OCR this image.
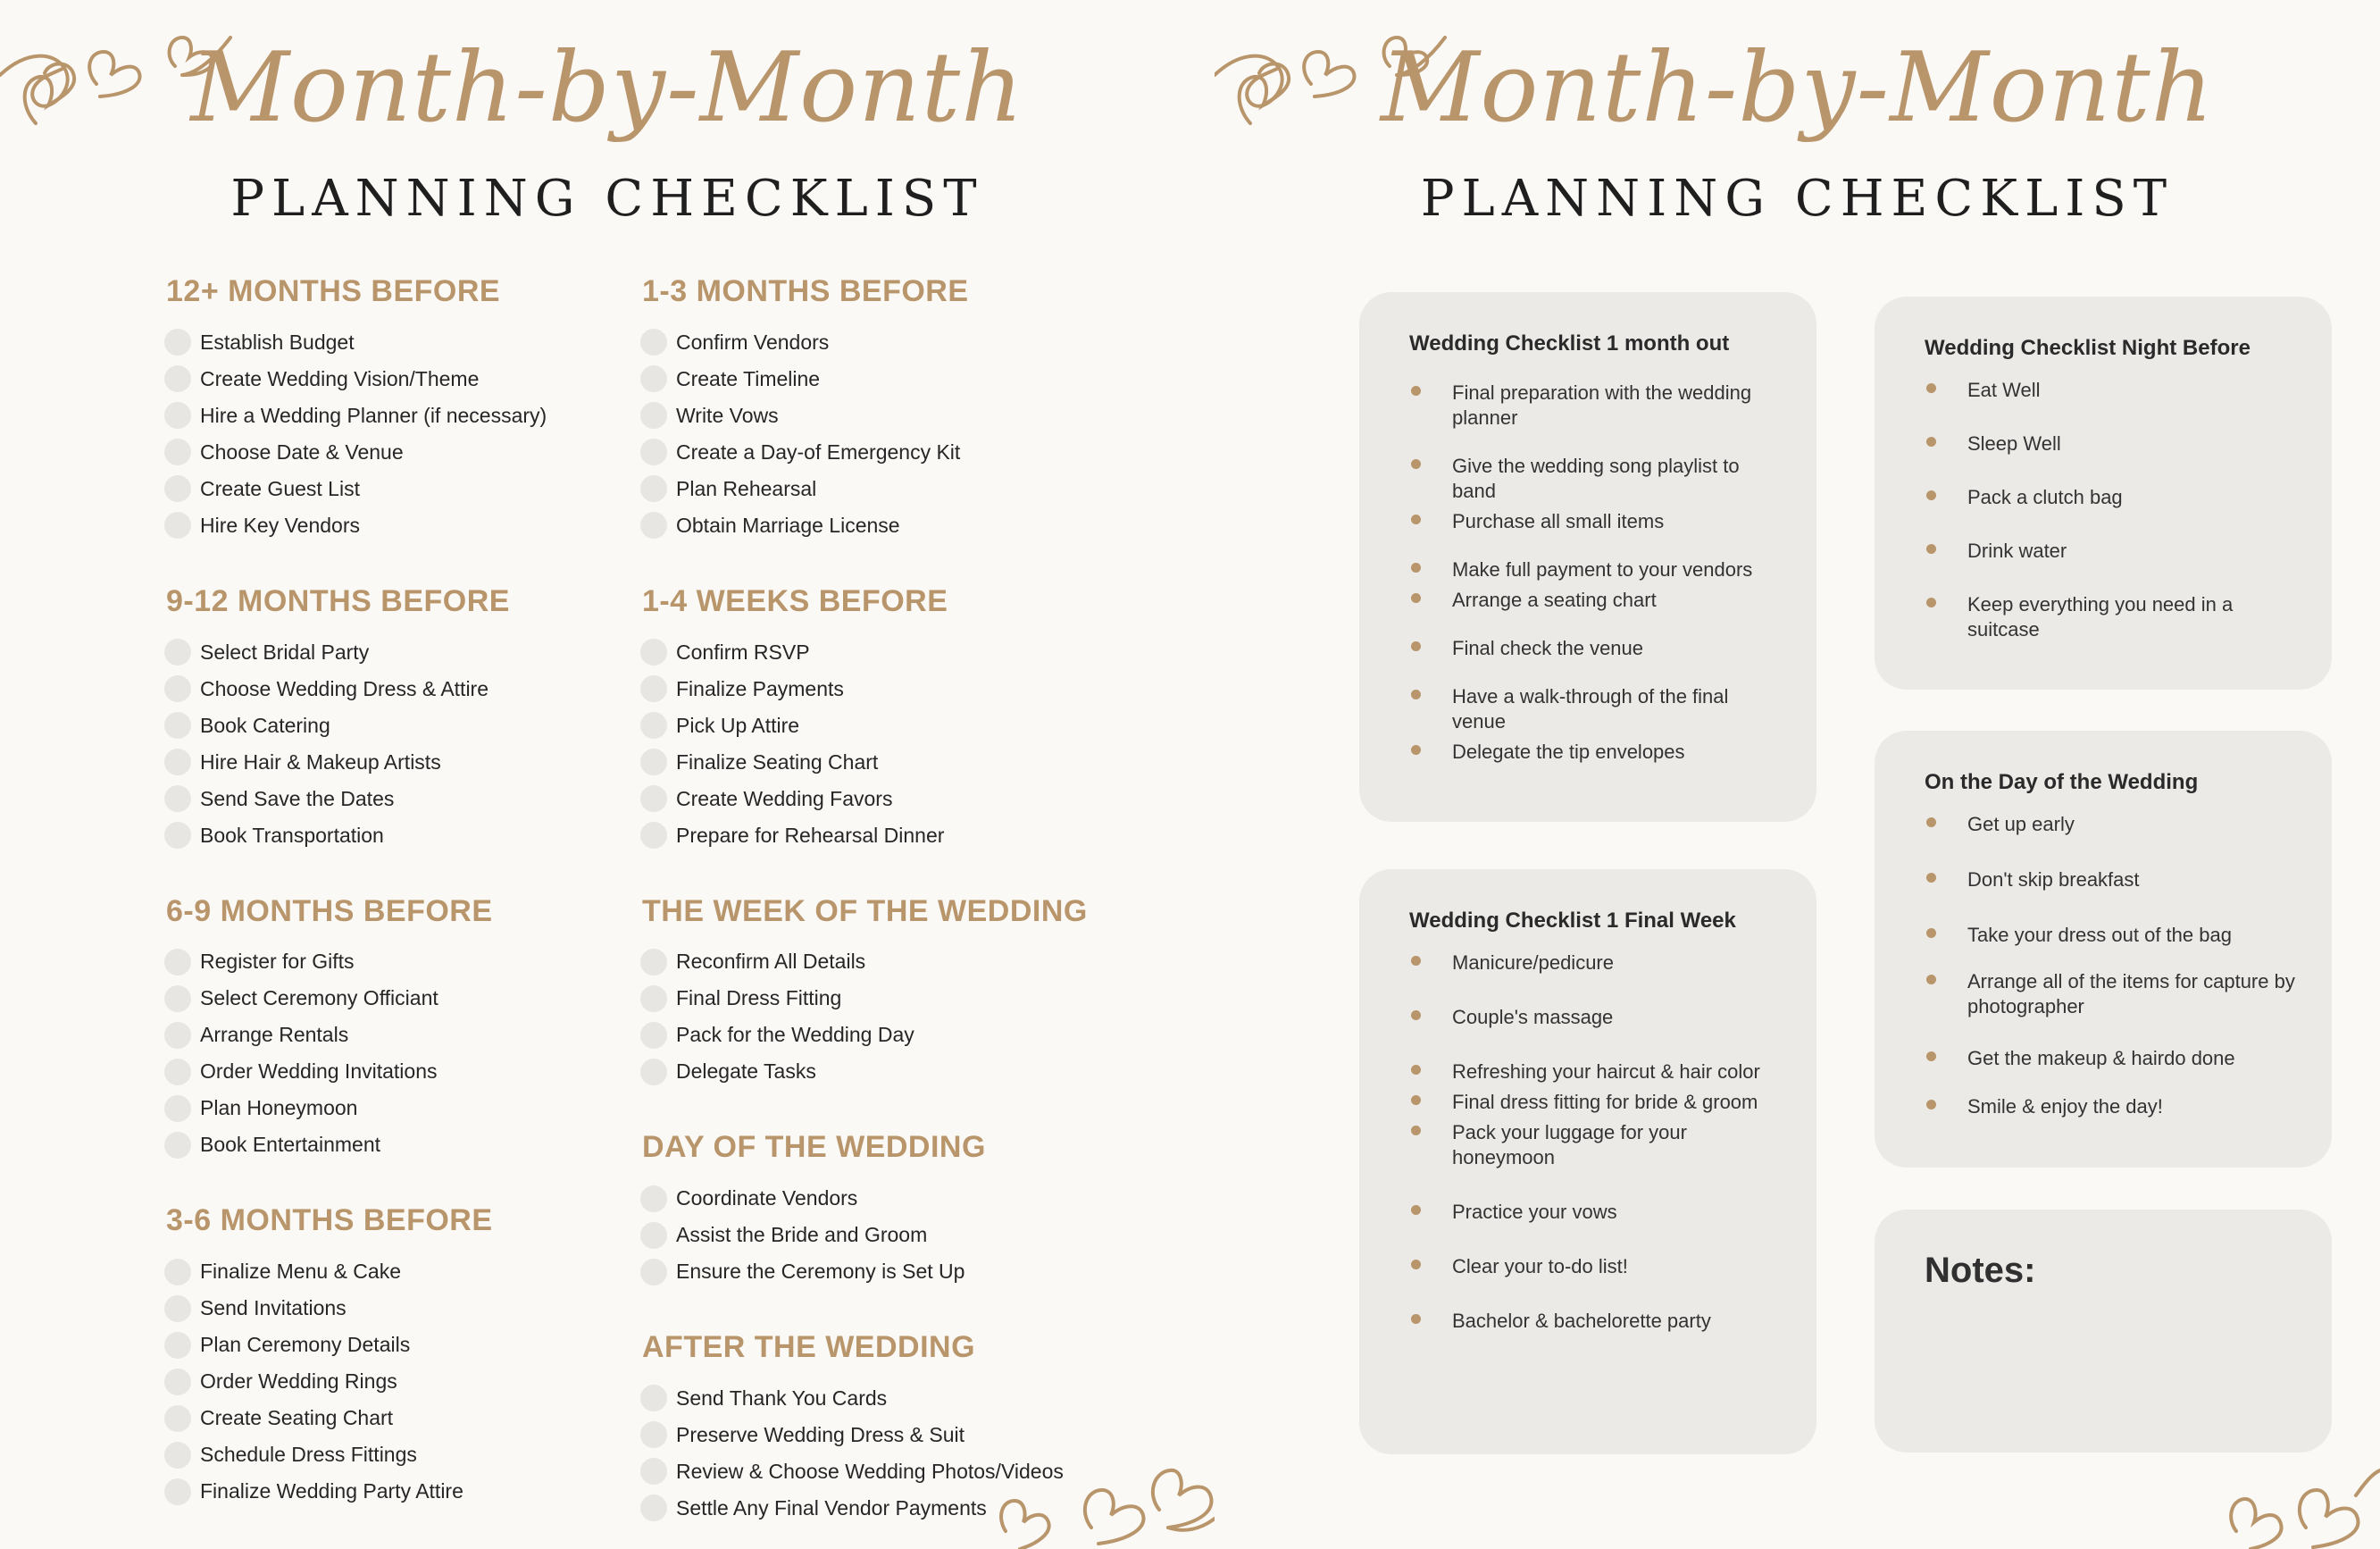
Month-by-Month
PLANNING CHECKLIST
12+ MONTHS BEFORE
Establish Budget
Create Wedding Vision/Theme
Hire a Wedding Planner (if necessary)
Choose Date & Venue
Create Guest List
Hire Key Vendors
9-12 MONTHS BEFORE
Select Bridal Party
Choose Wedding Dress & Attire
Book Catering
Hire Hair & Makeup Artists
Send Save the Dates
Book Transportation
6-9 MONTHS BEFORE
Register for Gifts
Select Ceremony Officiant
Arrange Rentals
Order Wedding Invitations
Plan Honeymoon
Book Entertainment
3-6 MONTHS BEFORE
Finalize Menu & Cake
Send Invitations
Plan Ceremony Details
Order Wedding Rings
Create Seating Chart
Schedule Dress Fittings
Finalize Wedding Party Attire
1-3 MONTHS BEFORE
Confirm Vendors
Create Timeline
Write Vows
Create a Day-of Emergency Kit
Plan Rehearsal
Obtain Marriage License
1-4 WEEKS BEFORE
Confirm RSVP
Finalize Payments
Pick Up Attire
Finalize Seating Chart
Create Wedding Favors
Prepare for Rehearsal Dinner
THE WEEK OF THE WEDDING
Reconfirm All Details
Final Dress Fitting
Pack for the Wedding Day
Delegate Tasks
DAY OF THE WEDDING
Coordinate Vendors
Assist the Bride and Groom
Ensure the Ceremony is Set Up
AFTER THE WEDDING
Send Thank You Cards
Preserve Wedding Dress & Suit
Review & Choose Wedding Photos/Videos
Settle Any Final Vendor Payments
Month-by-Month
PLANNING CHECKLIST
Wedding Checklist 1 month out
Final preparation with the wedding planner
Give the wedding song playlist to band
Purchase all small items
Make full payment to your vendors
Arrange a seating chart
Final check the venue
Have a walk-through of the final venue
Delegate the tip envelopes
Wedding Checklist 1 Final Week
Manicure/pedicure
Couple's massage
Refreshing your haircut & hair color
Final dress fitting for bride & groom
Pack your luggage for your honeymoon
Practice your vows
Clear your to-do list!
Bachelor & bachelorette party
Wedding Checklist Night Before
Eat Well
Sleep Well
Pack a clutch bag
Drink water
Keep everything you need in a suitcase
On the Day of the Wedding
Get up early
Don't skip breakfast
Take your dress out of the bag
Arrange all of the items for capture by photographer
Get the makeup & hairdo done
Smile & enjoy the day!
Notes:
